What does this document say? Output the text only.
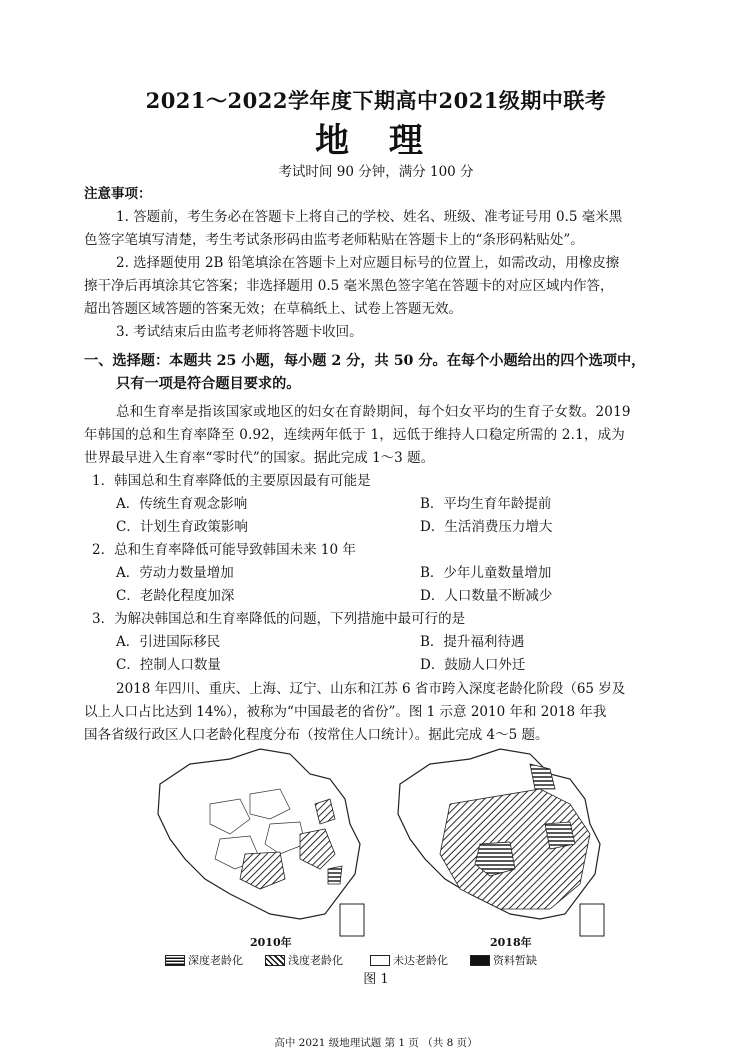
2021～2022学年度下期高中2021级期中联考
地 理
考试时间 90 分钟，满分 100 分
注意事项：
1. 答题前，考生务必在答题卡上将自己的学校、姓名、班级、准考证号用 0.5 毫米黑
色签字笔填写清楚，考生考试条形码由监考老师粘贴在答题卡上的“条形码粘贴处”。
2. 选择题使用 2B 铅笔填涂在答题卡上对应题目标号的位置上，如需改动，用橡皮擦
擦干净后再填涂其它答案；非选择题用 0.5 毫米黑色签字笔在答题卡的对应区域内作答，
超出答题区域答题的答案无效；在草稿纸上、试卷上答题无效。
3. 考试结束后由监考老师将答题卡收回。
一、选择题：本题共 25 小题，每小题 2 分，共 50 分。在每个小题给出的四个选项中，
只有一项是符合题目要求的。
总和生育率是指该国家或地区的妇女在育龄期间，每个妇女平均的生育子女数。2019
年韩国的总和生育率降至 0.92，连续两年低于 1，远低于维持人口稳定所需的 2.1，成为
世界最早进入生育率“零时代”的国家。据此完成 1～3 题。
1．韩国总和生育率降低的主要原因最有可能是
A．传统生育观念影响	B．平均生育年龄提前
C．计划生育政策影响	D．生活消费压力增大
2．总和生育率降低可能导致韩国未来 10 年
A．劳动力数量增加	B．少年儿童数量增加
C．老龄化程度加深	D．人口数量不断减少
3．为解决韩国总和生育率降低的问题，下列措施中最可行的是
A．引进国际移民	B．提升福利待遇
C．控制人口数量	D．鼓励人口外迁
2018 年四川、重庆、上海、辽宁、山东和江苏 6 省市跨入深度老龄化阶段（65 岁及
以上人口占比达到 14%），被称为“中国最老的省份”。图 1 示意 2010 年和 2018 年我
国各省级行政区人口老龄化程度分布（按常住人口统计）。据此完成 4～5 题。
2010年	2018年
深度老龄化	浅度老龄化	未达老龄化	资料暂缺
图 1
高中 2021 级地理试题 第 1 页 （共 8 页）
